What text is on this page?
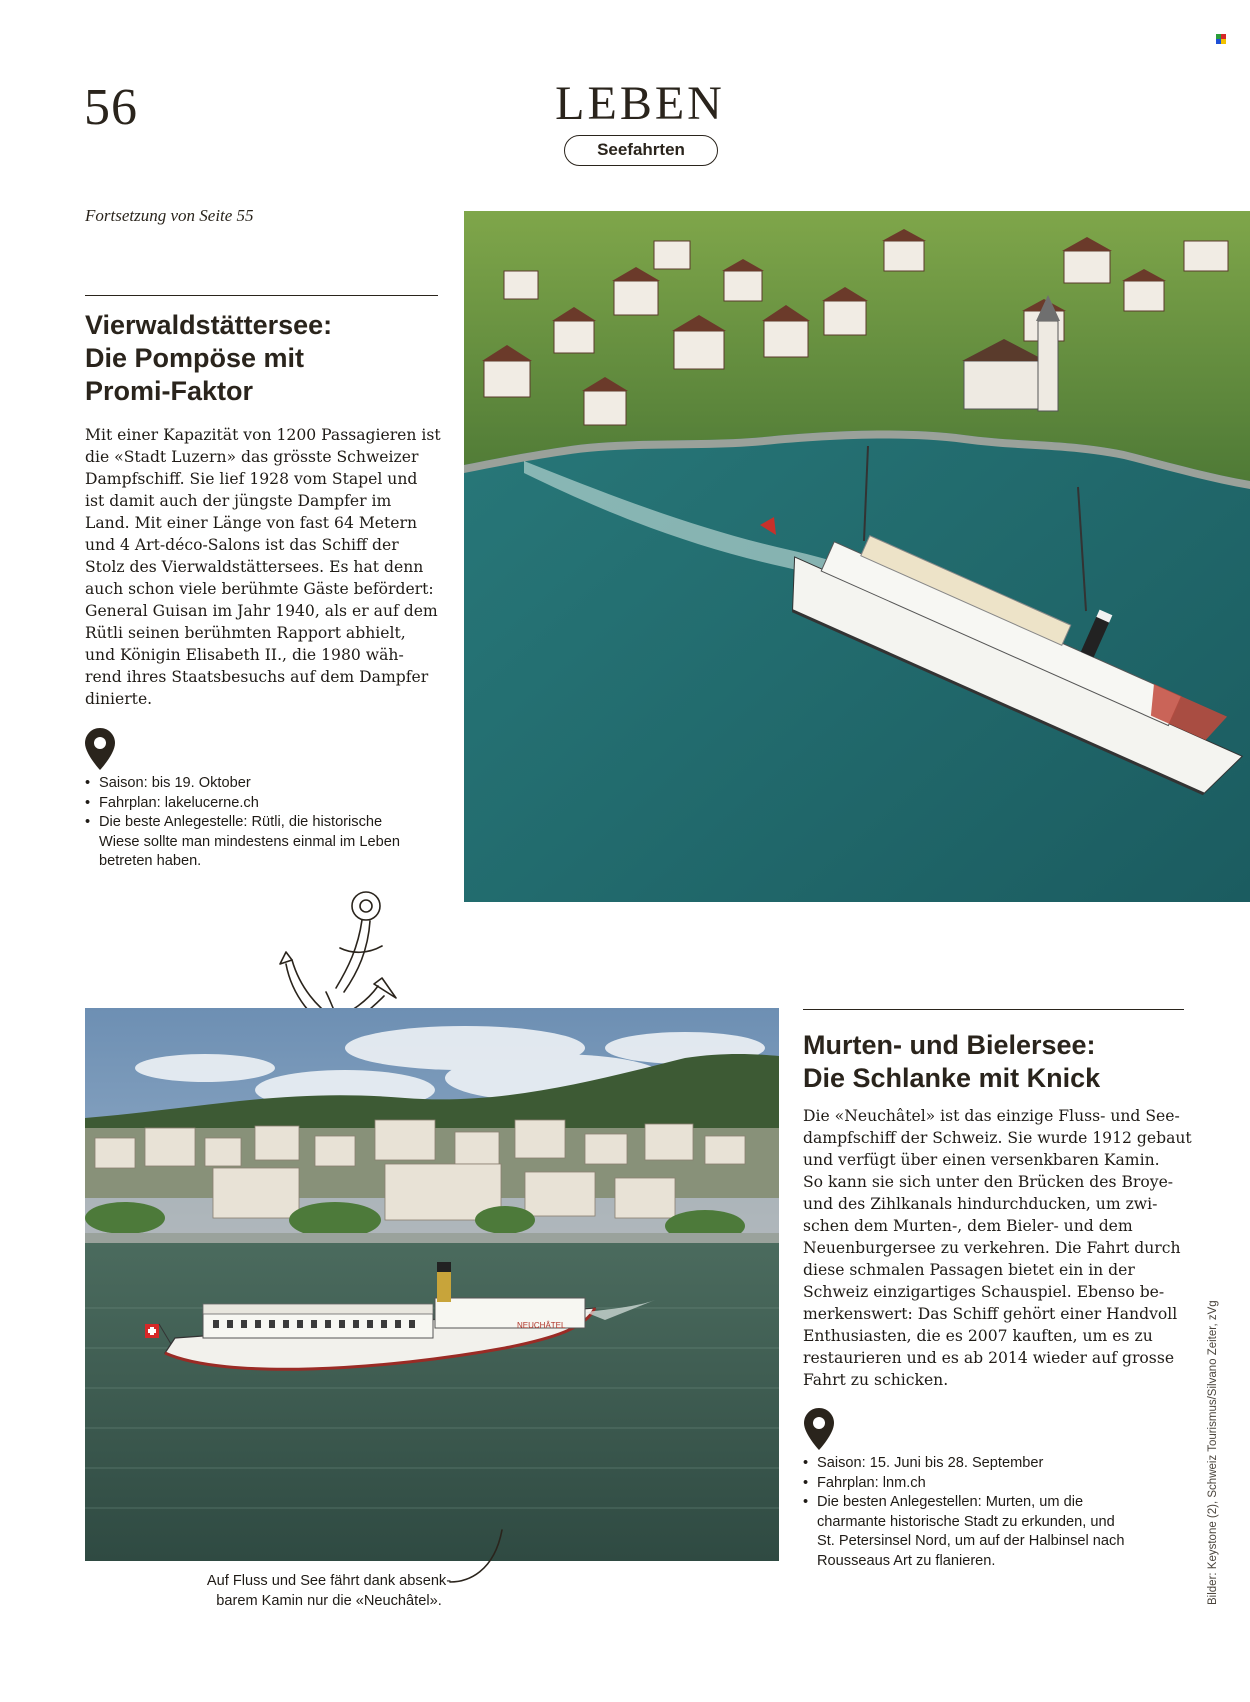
56	LEBEN
Seefahrten
Fortsetzung von Seite 55
Vierwaldstättersee:
Die Pompöse mit
Promi-Faktor
Mit einer Kapazität von 1200 Passagieren ist
die «Stadt Luzern» das grösste Schweizer
Dampfschiff. Sie lief 1928 vom Stapel und
ist damit auch der jüngste Dampfer im
Land. Mit einer Länge von fast 64 Metern
und 4 Art-déco-Salons ist das Schiff der
Stolz des Vierwaldstättersees. Es hat denn
auch schon viele berühmte Gäste befördert:
General Guisan im Jahr 1940, als er auf dem
Rütli seinen berühmten Rapport abhielt,
und Königin Elisabeth II., die 1980 wäh-
rend ihres Staatsbesuchs auf dem Dampfer
dinierte.
• Saison: bis 19. Oktober
• Fahrplan: lakelucerne.ch
• Die beste Anlegestelle: Rütli, die historische
Wiese sollte man mindestens einmal im Leben
betreten haben.
NEUCHÂTEL
Auf Fluss und See fährt dank absenk-
barem Kamin nur die «Neuchâtel».
Murten- und Bielersee:
Die Schlanke mit Knick
Die «Neuchâtel» ist das einzige Fluss- und See-
dampfschiff der Schweiz. Sie wurde 1912 gebaut
und verfügt über einen versenkbaren Kamin.
So kann sie sich unter den Brücken des Broye-
und des Zihlkanals hindurchducken, um zwi-
schen dem Murten-, dem Bieler- und dem
Neuenburgersee zu verkehren. Die Fahrt durch
diese schmalen Passagen bietet ein in der
Schweiz einzigartiges Schauspiel. Ebenso be-
merkenswert: Das Schiff gehört einer Handvoll
Enthusiasten, die es 2007 kauften, um es zu
restaurieren und es ab 2014 wieder auf grosse
Fahrt zu schicken.
• Saison: 15. Juni bis 28. September
• Fahrplan: lnm.ch
• Die besten Anlegestellen: Murten, um die
charmante historische Stadt zu erkunden, und
St. Petersinsel Nord, um auf der Halbinsel nach
Rousseaus Art zu flanieren.	Bilder: Keystone (2), Schweiz Tourismus/Silvano Zeiter, zVg
